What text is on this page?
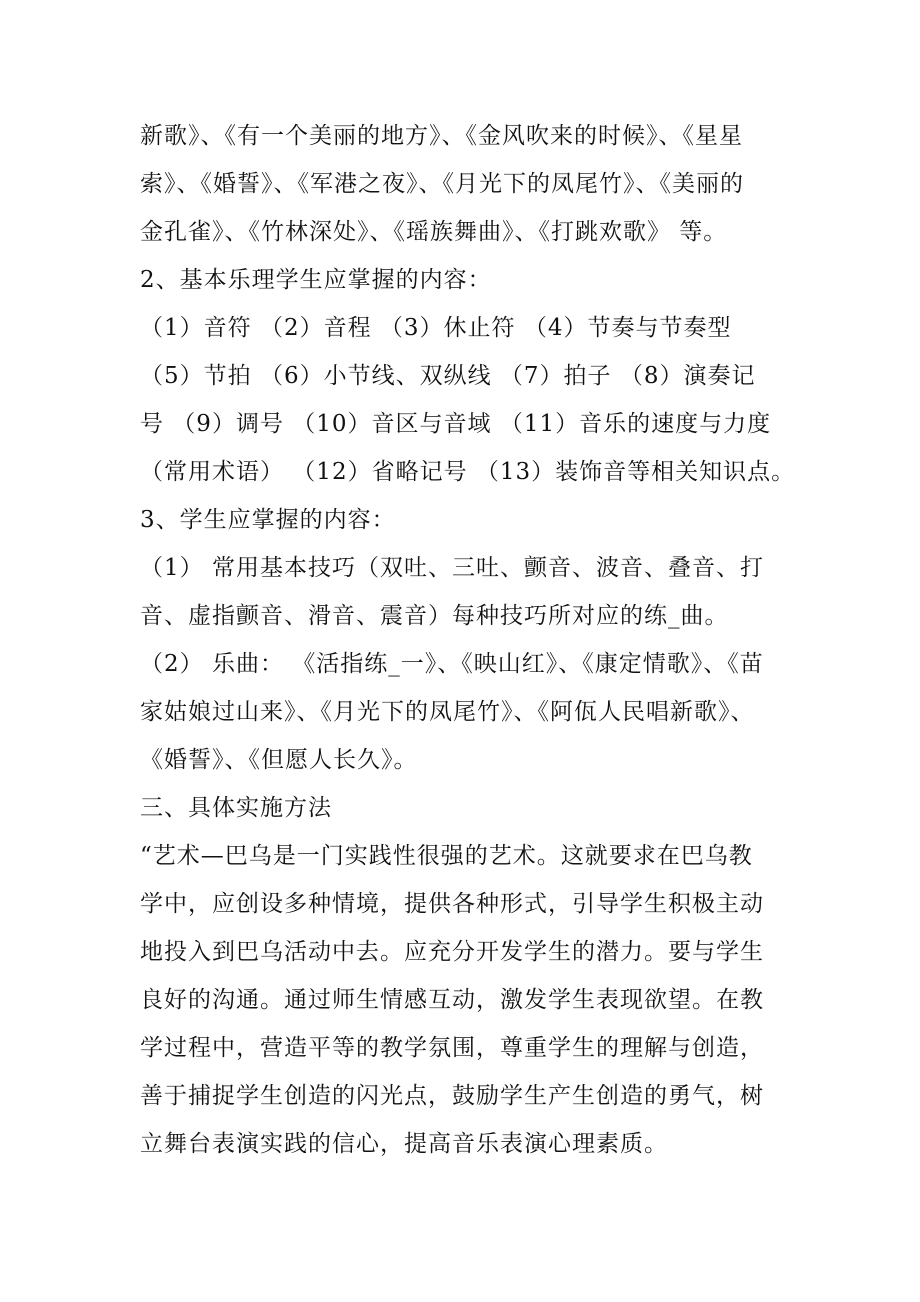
新歌》、《有一个美丽的地方》、《金风吹来的时候》、《星星
索》、《婚誓》、《军港之夜》、《月光下的凤尾竹》、《美丽的
金孔雀》、《竹林深处》、《瑶族舞曲》、《打跳欢歌》 等。
2、基本乐理学生应掌握的内容：
（1）音符 （2）音程 （3）休止符 （4）节奏与节奏型
（5）节拍 （6）小节线、双纵线 （7）拍子 （8）演奏记
号 （9）调号 （10）音区与音域 （11）音乐的速度与力度
（常用术语） （12）省略记号 （13）装饰音等相关知识点。
3、学生应掌握的内容：
（1） 常用基本技巧（双吐、三吐、颤音、波音、叠音、打
音、虚指颤音、滑音、震音）每种技巧所对应的练_曲。
（2） 乐曲： 《活指练_一》、《映山红》、《康定情歌》、《苗
家姑娘过山来》、《月光下的凤尾竹》、《阿佤人民唱新歌》、
《婚誓》、《但愿人长久》。
三、具体实施方法
“艺术—巴乌是一门实践性很强的艺术。这就要求在巴乌教
学中，应创设多种情境，提供各种形式，引导学生积极主动
地投入到巴乌活动中去。应充分开发学生的潜力。要与学生
良好的沟通。通过师生情感互动，激发学生表现欲望。在教
学过程中，营造平等的教学氛围，尊重学生的理解与创造，
善于捕捉学生创造的闪光点，鼓励学生产生创造的勇气，树
立舞台表演实践的信心，提高音乐表演心理素质。
